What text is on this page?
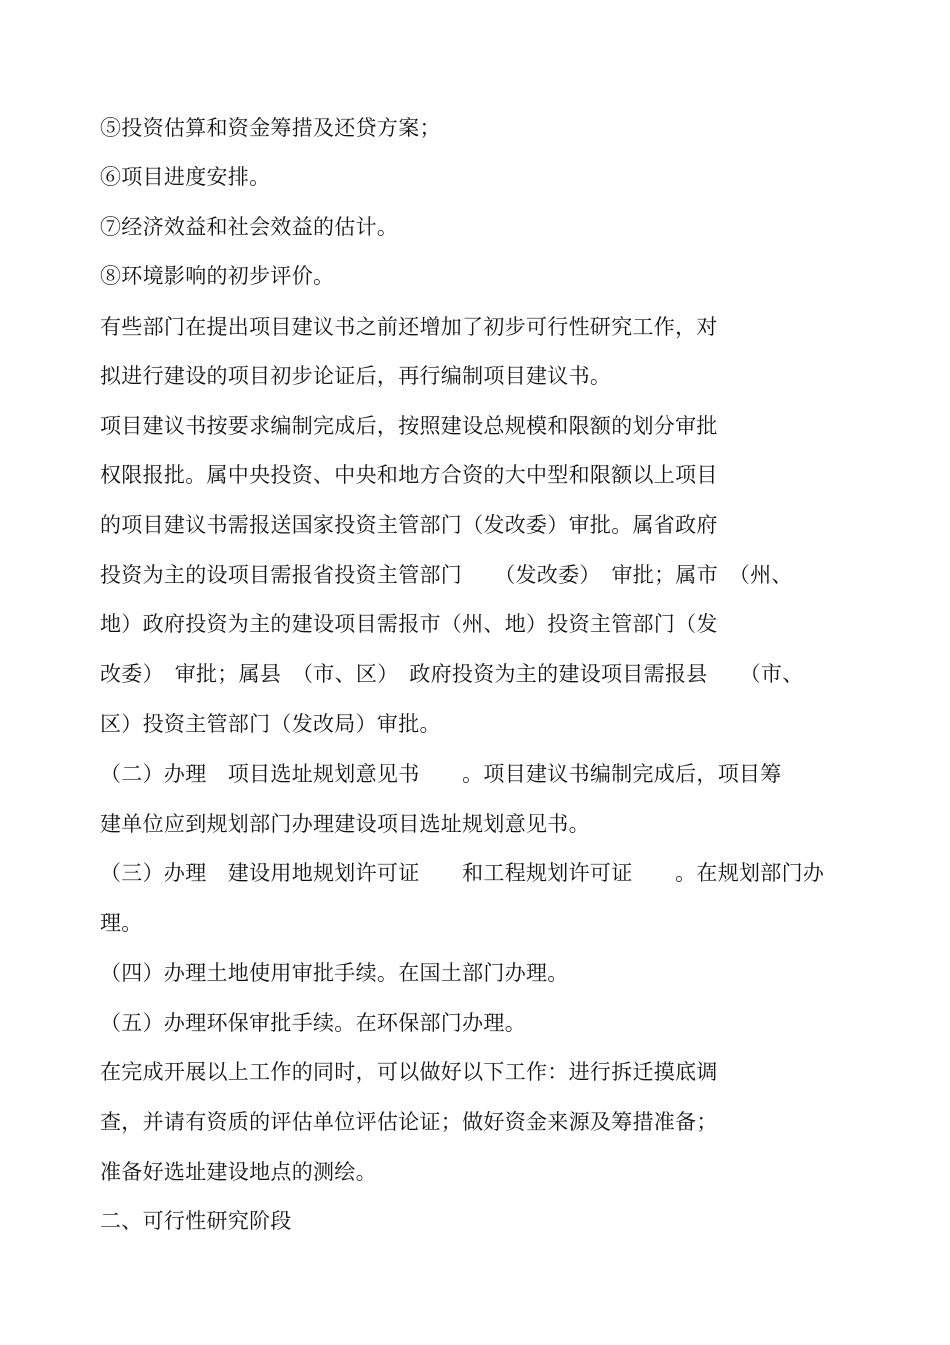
⑤投资估算和资金筹措及还贷方案；
⑥项目进度安排。
⑦经济效益和社会效益的估计。
⑧环境影响的初步评价。
有些部门在提出项目建议书之前还增加了初步可行性研究工作，对
拟进行建设的项目初步论证后，再行编制项目建议书。
项目建议书按要求编制完成后，按照建设总规模和限额的划分审批
权限报批。属中央投资、中央和地方合资的大中型和限额以上项目
的项目建议书需报送国家投资主管部门（发改委）审批。属省政府
投资为主的设项目需报省投资主管部门　　（发改委）　审批；属市　（州、
地）政府投资为主的建设项目需报市（州、地）投资主管部门（发
改委）　审批；属县　（市、区）　政府投资为主的建设项目需报县　　（市、
区）投资主管部门（发改局）审批。
（二）办理　项目选址规划意见书　　。项目建议书编制完成后，项目筹
建单位应到规划部门办理建设项目选址规划意见书。
（三）办理　建设用地规划许可证　　和工程规划许可证　　。在规划部门办
理。
（四）办理土地使用审批手续。在国土部门办理。
（五）办理环保审批手续。在环保部门办理。
在完成开展以上工作的同时，可以做好以下工作：进行拆迁摸底调
查，并请有资质的评估单位评估论证；做好资金来源及筹措准备；
准备好选址建设地点的测绘。
二、可行性研究阶段
